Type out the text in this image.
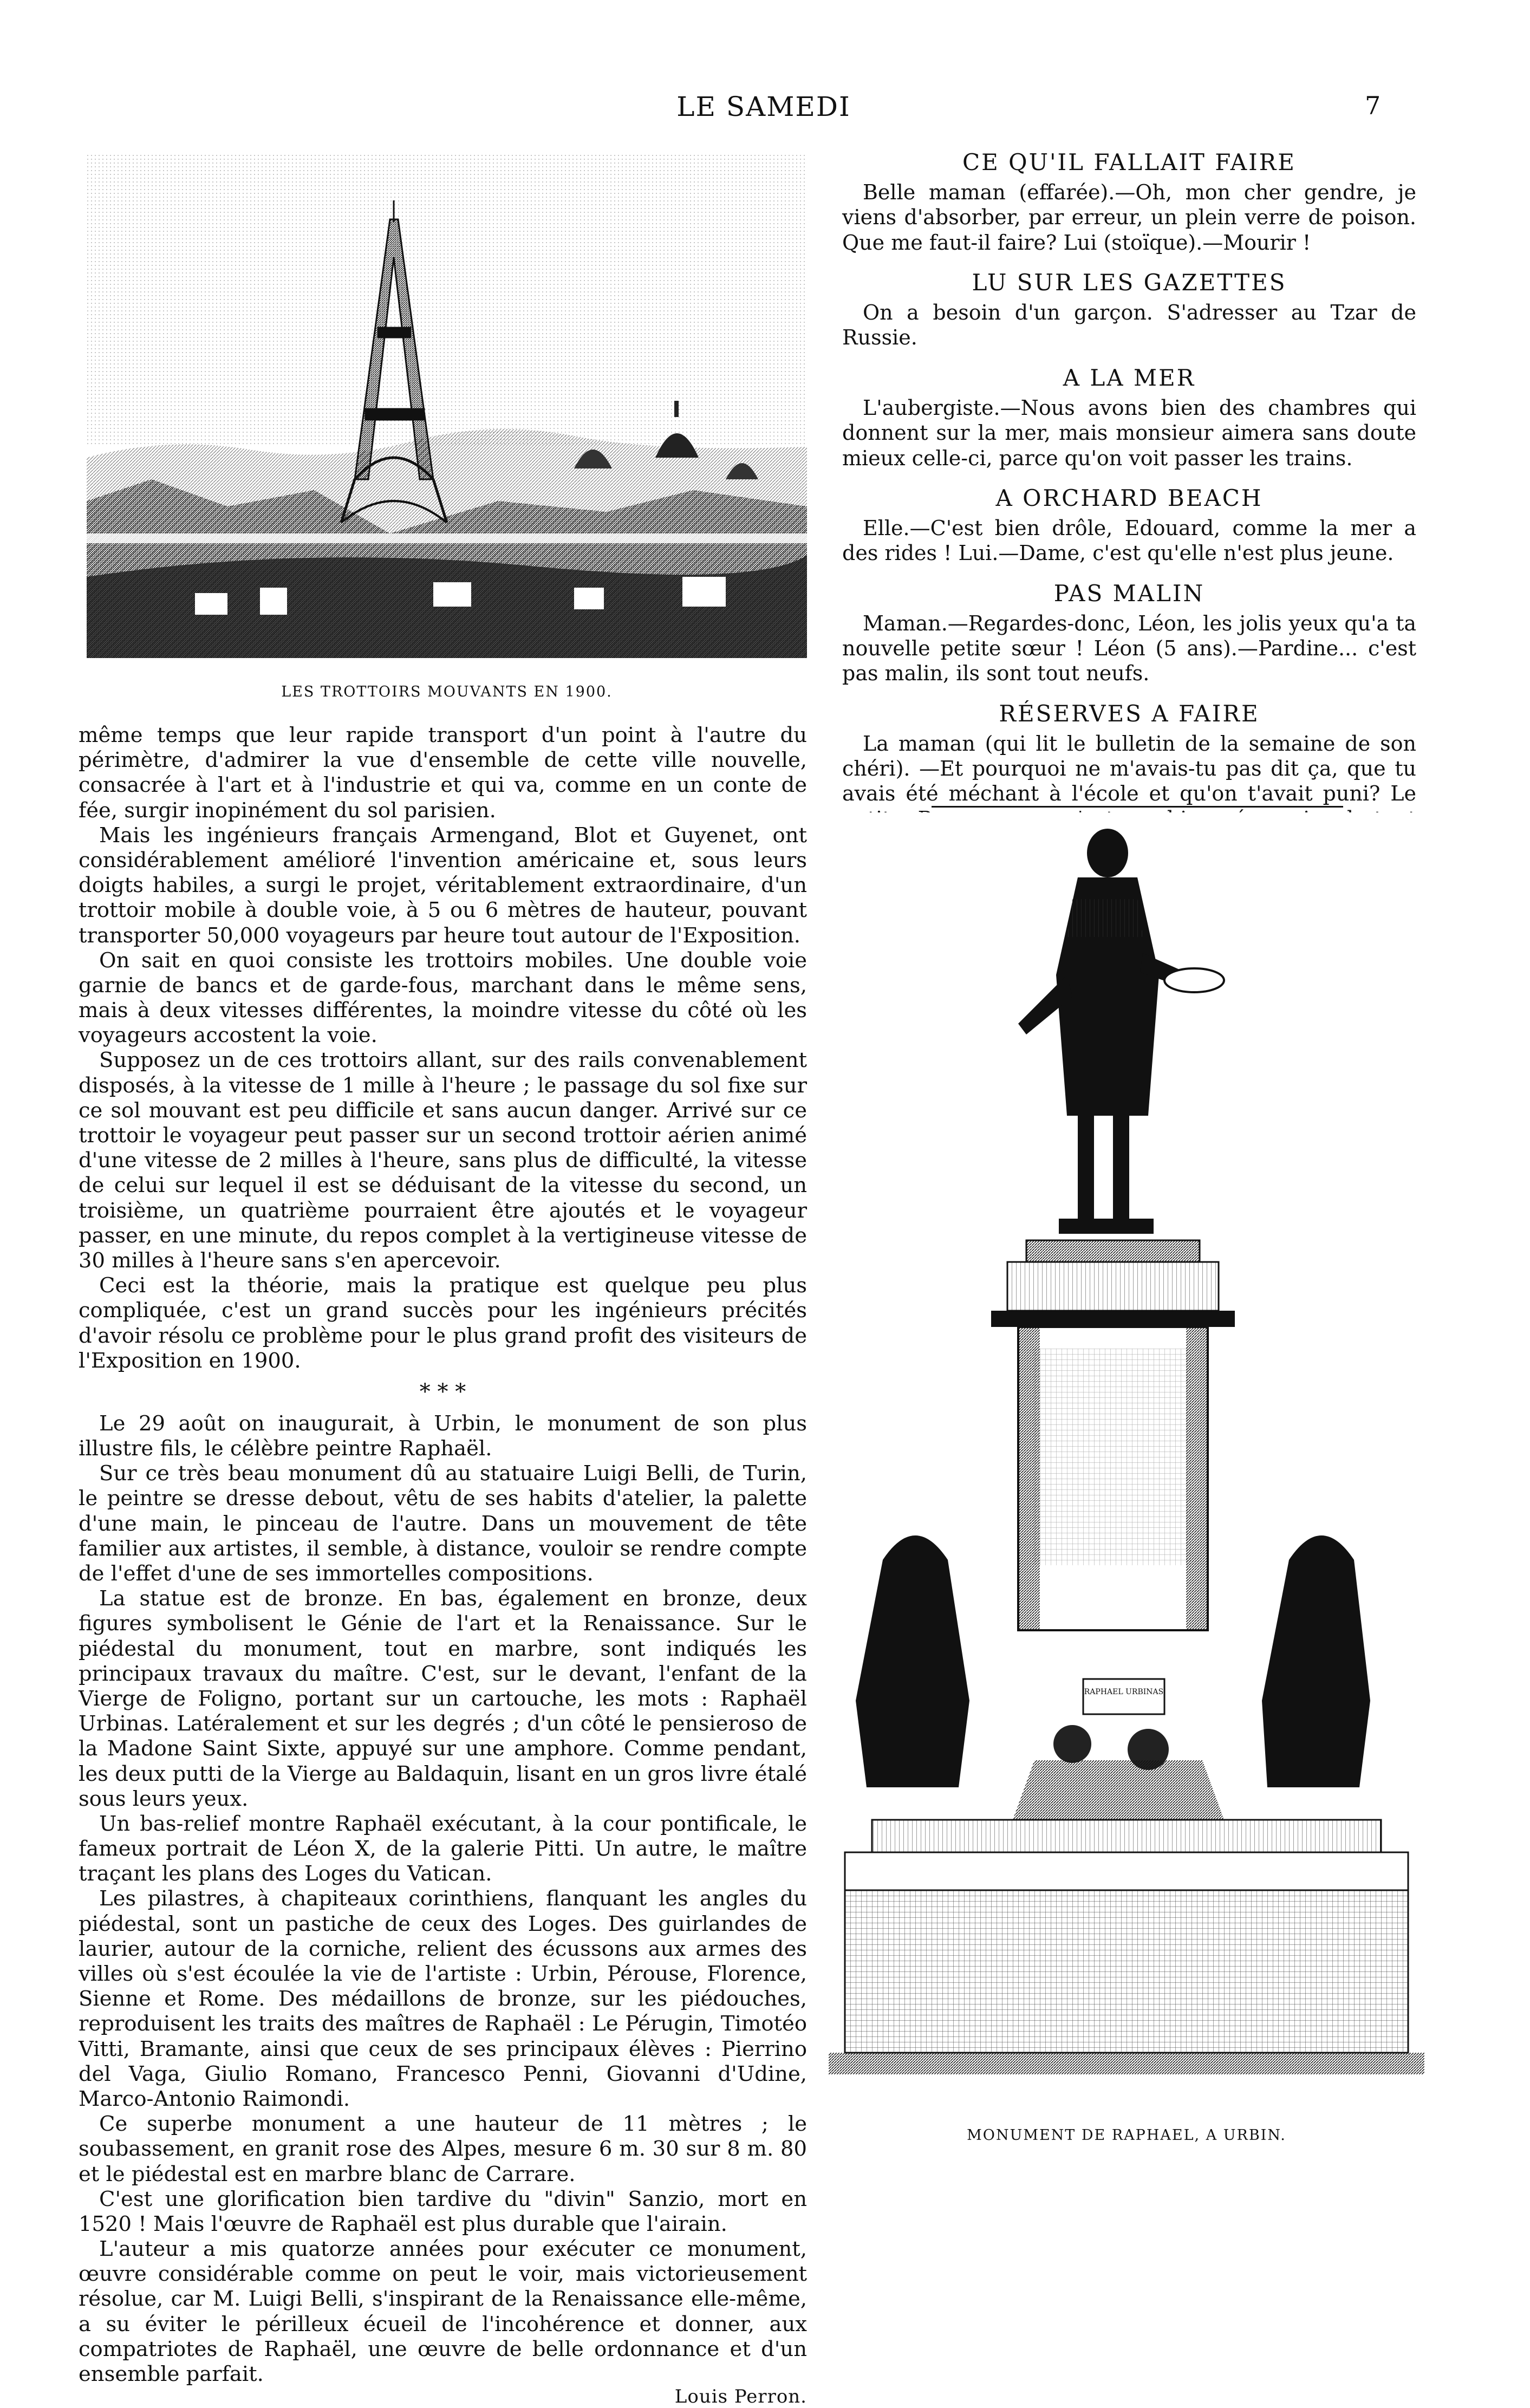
LE SAMEDI	7
LES TROTTOIRS MOUVANTS EN 1900.

même temps que leur rapide transport d'un point à l'autre du périmètre, d'admirer la vue d'ensemble de cette ville nouvelle, consacrée à l'art et à l'industrie et qui va, comme en un conte de fée, surgir inopinément du sol parisien.

Mais les ingénieurs français Armengand, Blot et Guyenet, ont considérablement amélioré l'invention américaine et, sous leurs doigts habiles, a surgi le projet, véritablement extraordinaire, d'un trottoir mobile à double voie, à 5 ou 6 mètres de hauteur, pouvant transporter 50,000 voyageurs par heure tout autour de l'Exposition.

On sait en quoi consiste les trottoirs mobiles. Une double voie garnie de bancs et de garde-fous, marchant dans le même sens, mais à deux vitesses différentes, la moindre vitesse du côté où les voyageurs accostent la voie.

Supposez un de ces trottoirs allant, sur des rails convenablement disposés, à la vitesse de 1 mille à l'heure ; le passage du sol fixe sur ce sol mouvant est peu difficile et sans aucun danger. Arrivé sur ce trottoir le voyageur peut passer sur un second trottoir aérien animé d'une vitesse de 2 milles à l'heure, sans plus de difficulté, la vitesse de celui sur lequel il est se déduisant de la vitesse du second, un troisième, un quatrième pourraient être ajoutés et le voyageur passer, en une minute, du repos complet à la vertigineuse vitesse de 30 milles à l'heure sans s'en apercevoir.

Ceci est la théorie, mais la pratique est quelque peu plus compliquée, c'est un grand succès pour les ingénieurs précités d'avoir résolu ce problème pour le plus grand profit des visiteurs de l'Exposition en 1900.

* * *

Le 29 août on inaugurait, à Urbin, le monument de son plus illustre fils, le célèbre peintre Raphaël.

Sur ce très beau monument dû au statuaire Luigi Belli, de Turin, le peintre se dresse debout, vêtu de ses habits d'atelier, la palette d'une main, le pinceau de l'autre. Dans un mouvement de tête familier aux artistes, il semble, à distance, vouloir se rendre compte de l'effet d'une de ses immortelles compositions.

La statue est de bronze. En bas, également en bronze, deux figures symbolisent le Génie de l'art et la Renaissance. Sur le piédestal du monument, tout en marbre, sont indiqués les principaux travaux du maître. C'est, sur le devant, l'enfant de la Vierge de Foligno, portant sur un cartouche, les mots : Raphaël Urbinas. Latéralement et sur les degrés ; d'un côté le pensieroso de la Madone Saint Sixte, appuyé sur une amphore. Comme pendant, les deux putti de la Vierge au Baldaquin, lisant en un gros livre étalé sous leurs yeux.

Un bas-relief montre Raphaël exécutant, à la cour pontificale, le fameux portrait de Léon X, de la galerie Pitti. Un autre, le maître traçant les plans des Loges du Vatican.

Les pilastres, à chapiteaux corinthiens, flanquant les angles du piédestal, sont un pastiche de ceux des Loges. Des guirlandes de laurier, autour de la corniche, relient des écussons aux armes des villes où s'est écoulée la vie de l'artiste : Urbin, Pérouse, Florence, Sienne et Rome. Des médaillons de bronze, sur les piédouches, reproduisent les traits des maîtres de Raphaël : Le Pérugin, Timotéo Vitti, Bramante, ainsi que ceux de ses principaux élèves : Pierrino del Vaga, Giulio Romano, Francesco Penni, Giovanni d'Udine, Marco-Antonio Raimondi.

Ce superbe monument a une hauteur de 11 mètres ; le soubassement, en granit rose des Alpes, mesure 6 m. 30 sur 8 m. 80 et le piédestal est en marbre blanc de Carrare.

C'est une glorification bien tardive du "divin" Sanzio, mort en 1520 ! Mais l'œuvre de Raphaël est plus durable que l'airain.

L'auteur a mis quatorze années pour exécuter ce monument, œuvre considérable comme on peut le voir, mais victorieusement résolue, car M. Luigi Belli, s'inspirant de la Renaissance elle-même, a su éviter le périlleux écueil de l'incohérence et donner, aux compatriotes de Raphaël, une œuvre de belle ordonnance et d'un ensemble parfait.

Louis Perron.
CE QU'IL FALLAIT FAIRE

Belle maman (effarée).—Oh, mon cher gendre, je viens d'absorber, par erreur, un plein verre de poison. Que me faut-il faire? Lui (stoïque).—Mourir !

LU SUR LES GAZETTES

On a besoin d'un garçon. S'adresser au Tzar de Russie.

A LA MER

L'aubergiste.—Nous avons bien des chambres qui donnent sur la mer, mais monsieur aimera sans doute mieux celle-ci, parce qu'on voit passer les trains.

A ORCHARD BEACH

Elle.—C'est bien drôle, Edouard, comme la mer a des rides ! Lui.—Dame, c'est qu'elle n'est plus jeune.

PAS MALIN

Maman.—Regardes-donc, Léon, les jolis yeux qu'a ta nouvelle petite sœur ! Léon (5 ans).—Pardine... c'est pas malin, ils sont tout neufs.

RÉSERVES A FAIRE

La maman (qui lit le bulletin de la semaine de son chéri). —Et pourquoi ne m'avais-tu pas dit ça, que tu avais été méchant à l'école et qu'on t'avait puni? Le

RAPHAEL URBINAS
MONUMENT DE RAPHAEL, A URBIN.
